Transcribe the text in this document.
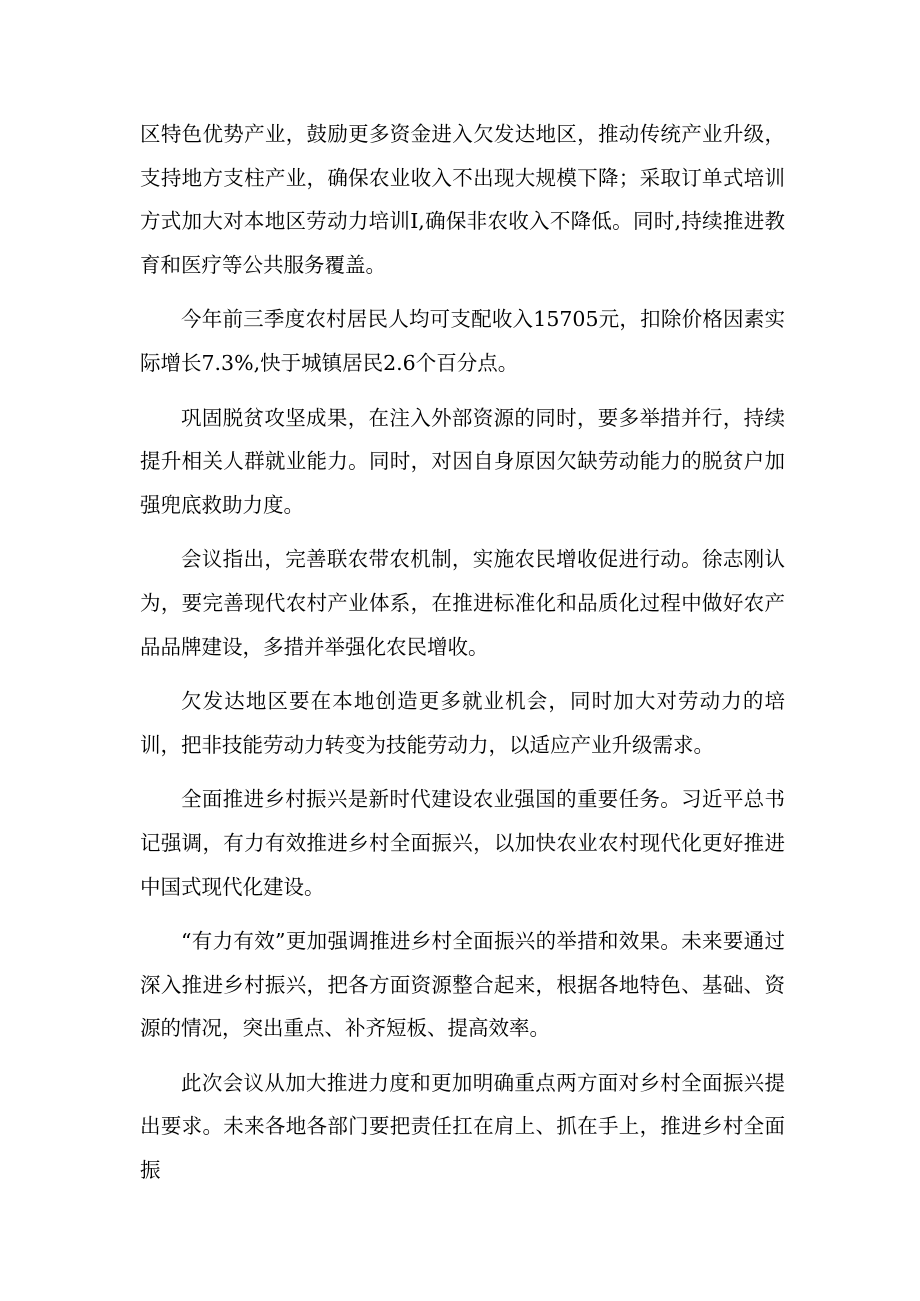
区特色优势产业，鼓励更多资金进入欠发达地区，推动传统产业升级，支持地方支柱产业，确保农业收入不出现大规模下降；采取订单式培训方式加大对本地区劳动力培训I,确保非农收入不降低。同时,持续推进教育和医疗等公共服务覆盖。

今年前三季度农村居民人均可支配收入15705元，扣除价格因素实际增长7.3%,快于城镇居民2.6个百分点。

巩固脱贫攻坚成果，在注入外部资源的同时，要多举措并行，持续提升相关人群就业能力。同时，对因自身原因欠缺劳动能力的脱贫户加强兜底救助力度。

会议指出，完善联农带农机制，实施农民增收促进行动。徐志刚认为，要完善现代农村产业体系，在推进标准化和品质化过程中做好农产品品牌建设，多措并举强化农民增收。

欠发达地区要在本地创造更多就业机会，同时加大对劳动力的培训，把非技能劳动力转变为技能劳动力，以适应产业升级需求。

全面推进乡村振兴是新时代建设农业强国的重要任务。习近平总书记强调，有力有效推进乡村全面振兴，以加快农业农村现代化更好推进中国式现代化建设。

“有力有效”更加强调推进乡村全面振兴的举措和效果。未来要通过深入推进乡村振兴，把各方面资源整合起来，根据各地特色、基础、资源的情况，突出重点、补齐短板、提高效率。

此次会议从加大推进力度和更加明确重点两方面对乡村全面振兴提出要求。未来各地各部门要把责任扛在肩上、抓在手上，推进乡村全面振
